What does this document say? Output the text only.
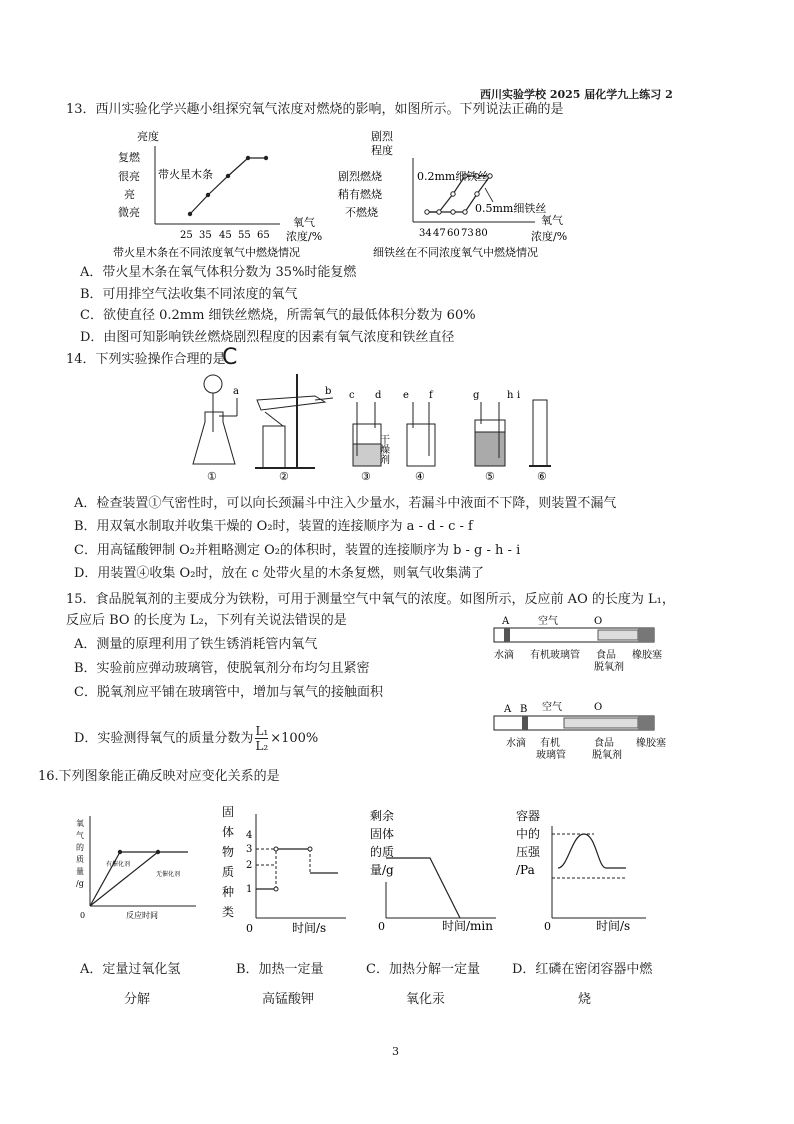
西川实验学校 2025 届化学九上练习 2
13．西川实验化学兴趣小组探究氧气浓度对燃烧的影响，如图所示。下列说法正确的是
亮度
复燃
很亮
亮
微亮
带火星木条
25 35 45 55 65
氧气
浓度/%
带火星木条在不同浓度氧气中燃烧情况
剧烈
程度
剧烈燃烧
稍有燃烧
不燃烧
0.2mm细铁丝
0.5mm细铁丝
34 47 60 73 80
氧气
浓度/%
细铁丝在不同浓度氧气中燃烧情况
A．带火星木条在氧气体积分数为 35%时能复燃
B．可用排空气法收集不同浓度的氧气
C．欲使直径 0.2mm 细铁丝燃烧，所需氧气的最低体积分数为 60%
D．由图可知影响铁丝燃烧剧烈程度的因素有氧气浓度和铁丝直径
14．下列实验操作合理的是
C
a
①
b
②
c d
干燥剂
③
e f
④
g	h
⑤
i
⑥
A．检查装置①气密性时，可以向长颈漏斗中注入少量水，若漏斗中液面不下降，则装置不漏气
B．用双氧水制取并收集干燥的 O₂时，装置的连接顺序为 a - d - c - f
C．用高锰酸钾制 O₂并粗略测定 O₂的体积时，装置的连接顺序为 b - g - h - i
D．用装置④收集 O₂时，放在 c 处带火星的木条复燃，则氧气收集满了
15．食品脱氧剂的主要成分为铁粉，可用于测量空气中氧气的浓度。如图所示，反应前 AO 的长度为 L₁，
反应后 BO 的长度为 L₂，下列有关说法错误的是
A．测量的原理利用了铁生锈消耗管内氧气
B．实验前应弹动玻璃管，使脱氧剂分布均匀且紧密
C．脱氧剂应平铺在玻璃管中，增加与氧气的接触面积
D．实验测得氧气的质量分数为 $\frac{\text{L₁}}{\text{L₂}} \times 100\%$
A	空气	O
水滴 有机玻璃管 食品
脱氧剂
橡胶塞
A B 空气	O
水滴 有机
玻璃管
食品
脱氧剂
橡胶塞
16.下列图象能正确反映对应变化关系的是
氧
气
的
质
量
/g
有催化剂
无催化剂
0	反应时间
A．定量过氧化氢
分解
固
体
物
质
种
类
4
3
2
1
0	时间/s
B．加热一定量
高锰酸钾
剩余
固体
的质
量/g
0	时间/min
C．加热分解一定量
氧化汞
容器
中的
压强
/Pa
0	时间/s
D．红磷在密闭容器中燃
烧
3
